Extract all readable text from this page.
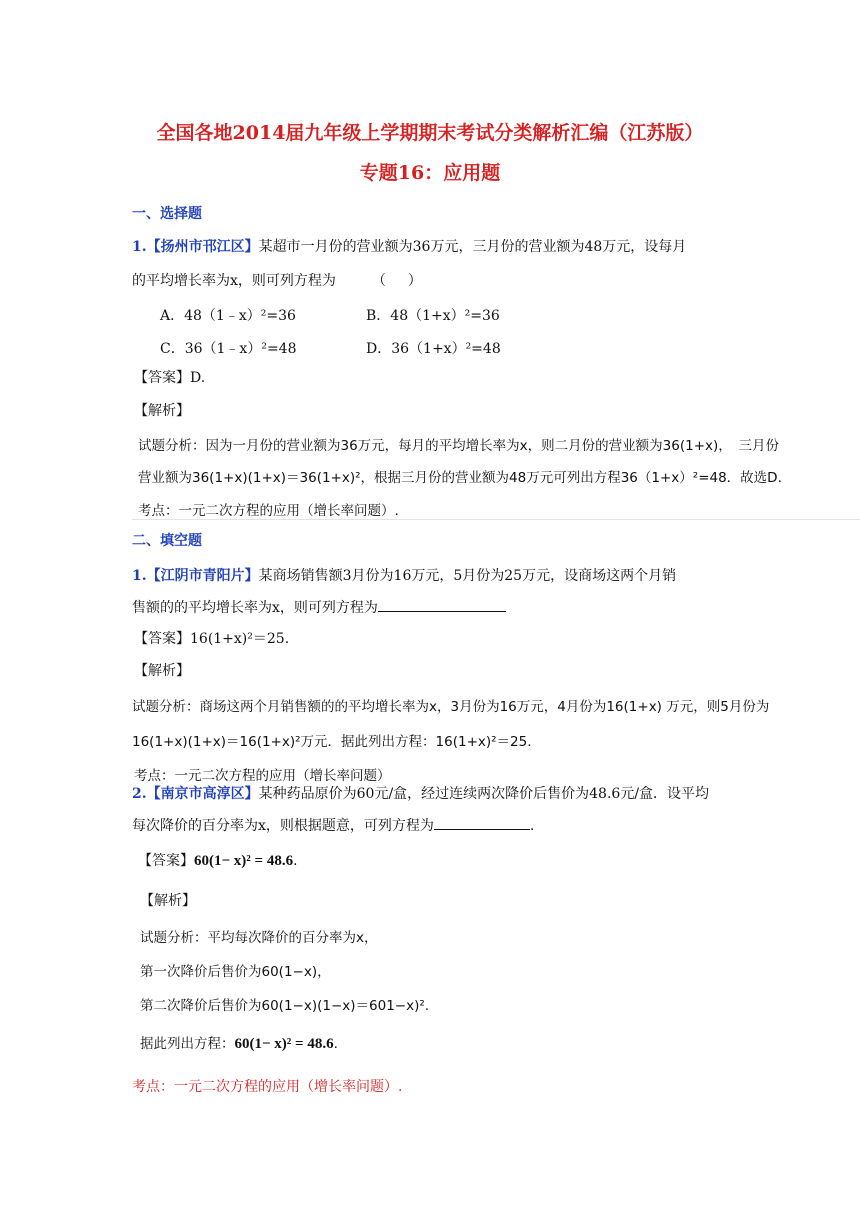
全国各地2014届九年级上学期期末考试分类解析汇编（江苏版）
专题16：应用题
一、选择题
1.【扬州市邗江区】某超市一月份的营业额为36万元，三月份的营业额为48万元，设每月
的平均增长率为x，则可列方程为	（ ）
A．48（1﹣x）²=36	B．48（1+x）²=36
C．36（1﹣x）²=48	D．36（1+x）²=48
【答案】D.
【解析】
试题分析：因为一月份的营业额为36万元，每月的平均增长率为x，则二月份的营业额为36(1+x)，　三月份
营业额为36(1+x)(1+x)＝36(1+x)²，根据三月份的营业额为48万元可列出方程36（1+x）²=48．故选D.
考点：一元二次方程的应用（增长率问题）.
二、填空题
1.【江阴市青阳片】某商场销售额3月份为16万元，5月份为25万元，设商场这两个月销
售额的的平均增长率为x，则可列方程为
【答案】16(1+x)²＝25.
【解析】
试题分析：商场这两个月销售额的的平均增长率为x，3月份为16万元，4月份为16(1+x) 万元，则5月份为
16(1+x)(1+x)＝16(1+x)²万元．据此列出方程：16(1+x)²＝25.
考点：一元二次方程的应用（增长率问题）
2.【南京市高淳区】某种药品原价为60元/盒，经过连续两次降价后售价为48.6元/盒．设平均
每次降价的百分率为x，则根据题意，可列方程为	.
【答案】60(1− x)² = 48.6.
【解析】
试题分析：平均每次降价的百分率为x，
第一次降价后售价为60(1−x)，
第二次降价后售价为60(1−x)(1−x)＝601−x)².
据此列出方程：60(1− x)² = 48.6.
考点：一元二次方程的应用（增长率问题）.
